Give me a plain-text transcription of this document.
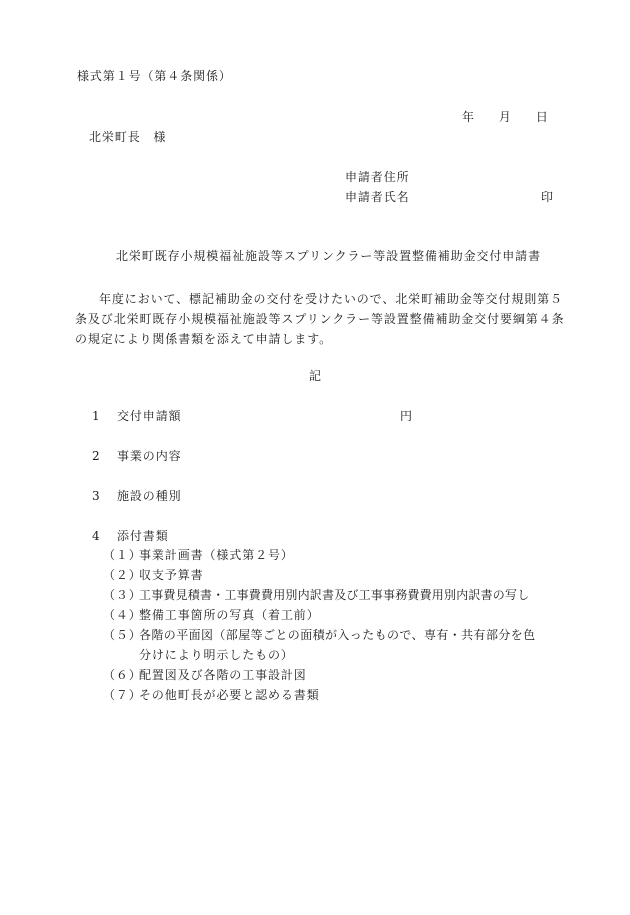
様式第１号（第４条関係）
年 月 日
北栄町長　様
申請者住所
申請者氏名	印
北栄町既存小規模福祉施設等スプリンクラー等設置整備補助金交付申請書
年度において、標記補助金の交付を受けたいので、北栄町補助金等交付規則第５条及び北栄町既存小規模福祉施設等スプリンクラー等設置整備補助金交付要綱第４条の規定により関係書類を添えて申請します。
記
1 交付申請額	円
2 事業の内容
3 施設の種別
4 添付書類
（１）事業計画書（様式第２号）
（２）収支予算書
（３）工事費見積書・工事費費用別内訳書及び工事事務費費用別内訳書の写し
（４）整備工事箇所の写真（着工前）
（５）各階の平面図（部屋等ごとの面積が入ったもので、専有・共有部分を色
分けにより明示したもの）
（６）配置図及び各階の工事設計図
（７）その他町長が必要と認める書類
